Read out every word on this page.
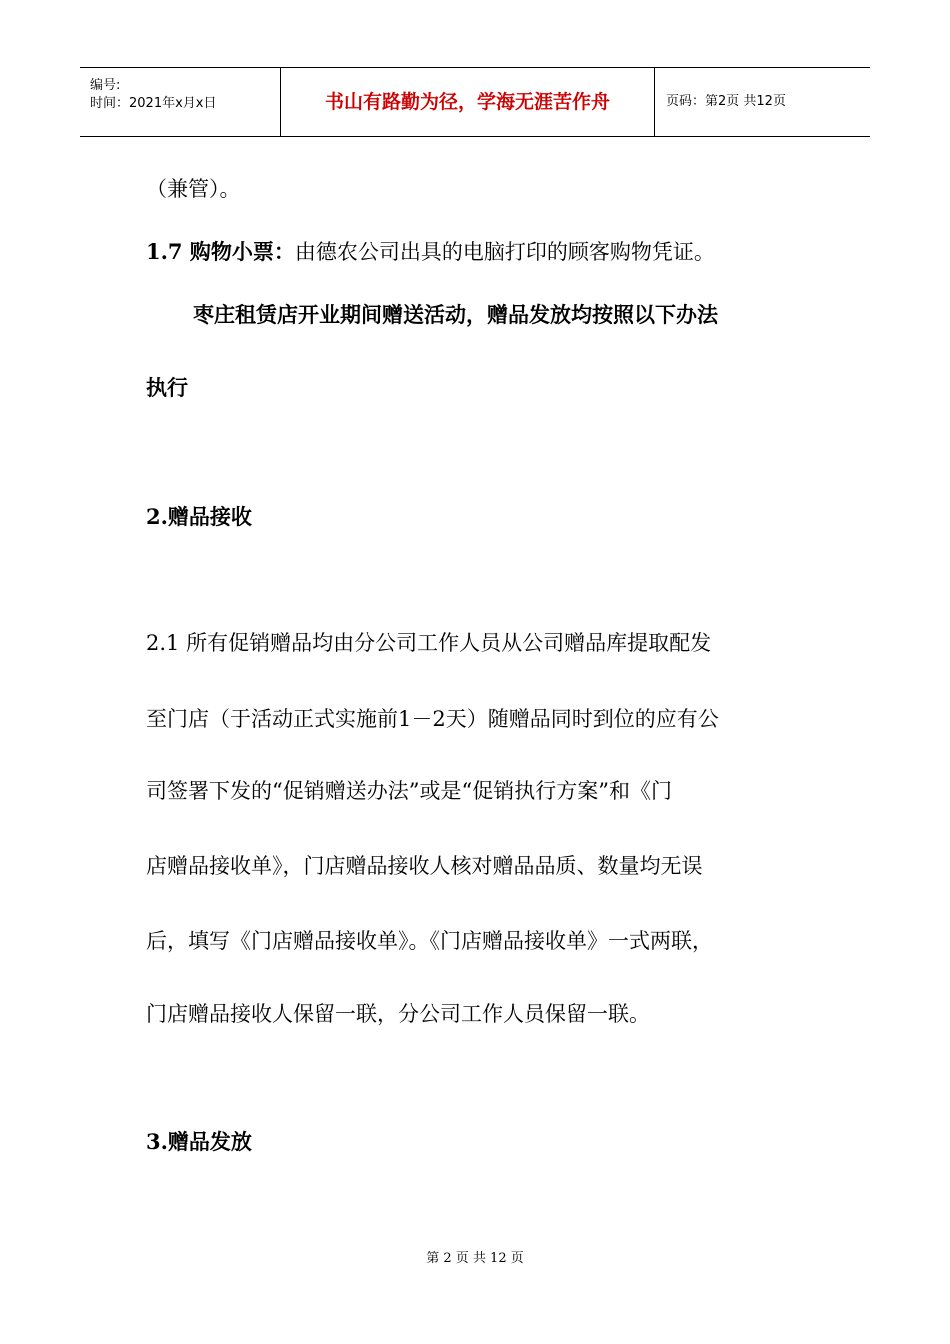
编号:
时间：2021年x月x日	书山有路勤为径，学海无涯苦作舟	页码：第2页 共12页
（兼管）。
1.7 购物小票：由德农公司出具的电脑打印的顾客购物凭证。
枣庄租赁店开业期间赠送活动，赠品发放均按照以下办法
执行
2.赠品接收
2.1 所有促销赠品均由分公司工作人员从公司赠品库提取配发
至门店（于活动正式实施前1－2天）随赠品同时到位的应有公
司签署下发的“促销赠送办法”或是“促销执行方案”和《门
店赠品接收单》，门店赠品接收人核对赠品品质、数量均无误
后，填写《门店赠品接收单》。《门店赠品接收单》一式两联，
门店赠品接收人保留一联，分公司工作人员保留一联。
3.赠品发放
第 2 页 共 12 页
